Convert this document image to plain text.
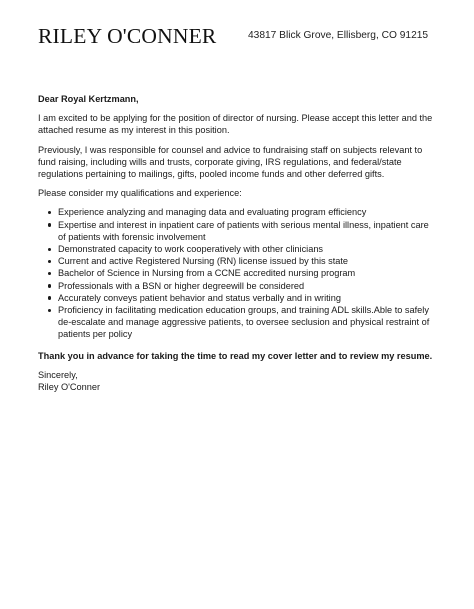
RILEY O'CONNER	43817 Blick Grove, Ellisberg, CO 91215

Dear Royal Kertzmann,

I am excited to be applying for the position of director of nursing. Please accept this letter and the attached resume as my interest in this position.

Previously, I was responsible for counsel and advice to fundraising staff on subjects relevant to fund raising, including wills and trusts, corporate giving, IRS regulations, and federal/state regulations pertaining to mailings, gifts, pooled income funds and other deferred gifts.

Please consider my qualifications and experience:

Experience analyzing and managing data and evaluating program efficiency
Expertise and interest in inpatient care of patients with serious mental illness, inpatient care of patients with forensic involvement
Demonstrated capacity to work cooperatively with other clinicians
Current and active Registered Nursing (RN) license issued by this state
Bachelor of Science in Nursing from a CCNE accredited nursing program
Professionals with a BSN or higher degreewill be considered
Accurately conveys patient behavior and status verbally and in writing
Proficiency in facilitating medication education groups, and training ADL skills.Able to safely de-escalate and manage aggressive patients, to oversee seclusion and physical restraint of patients per policy

Thank you in advance for taking the time to read my cover letter and to review my resume.

Sincerely,

Riley O'Conner
